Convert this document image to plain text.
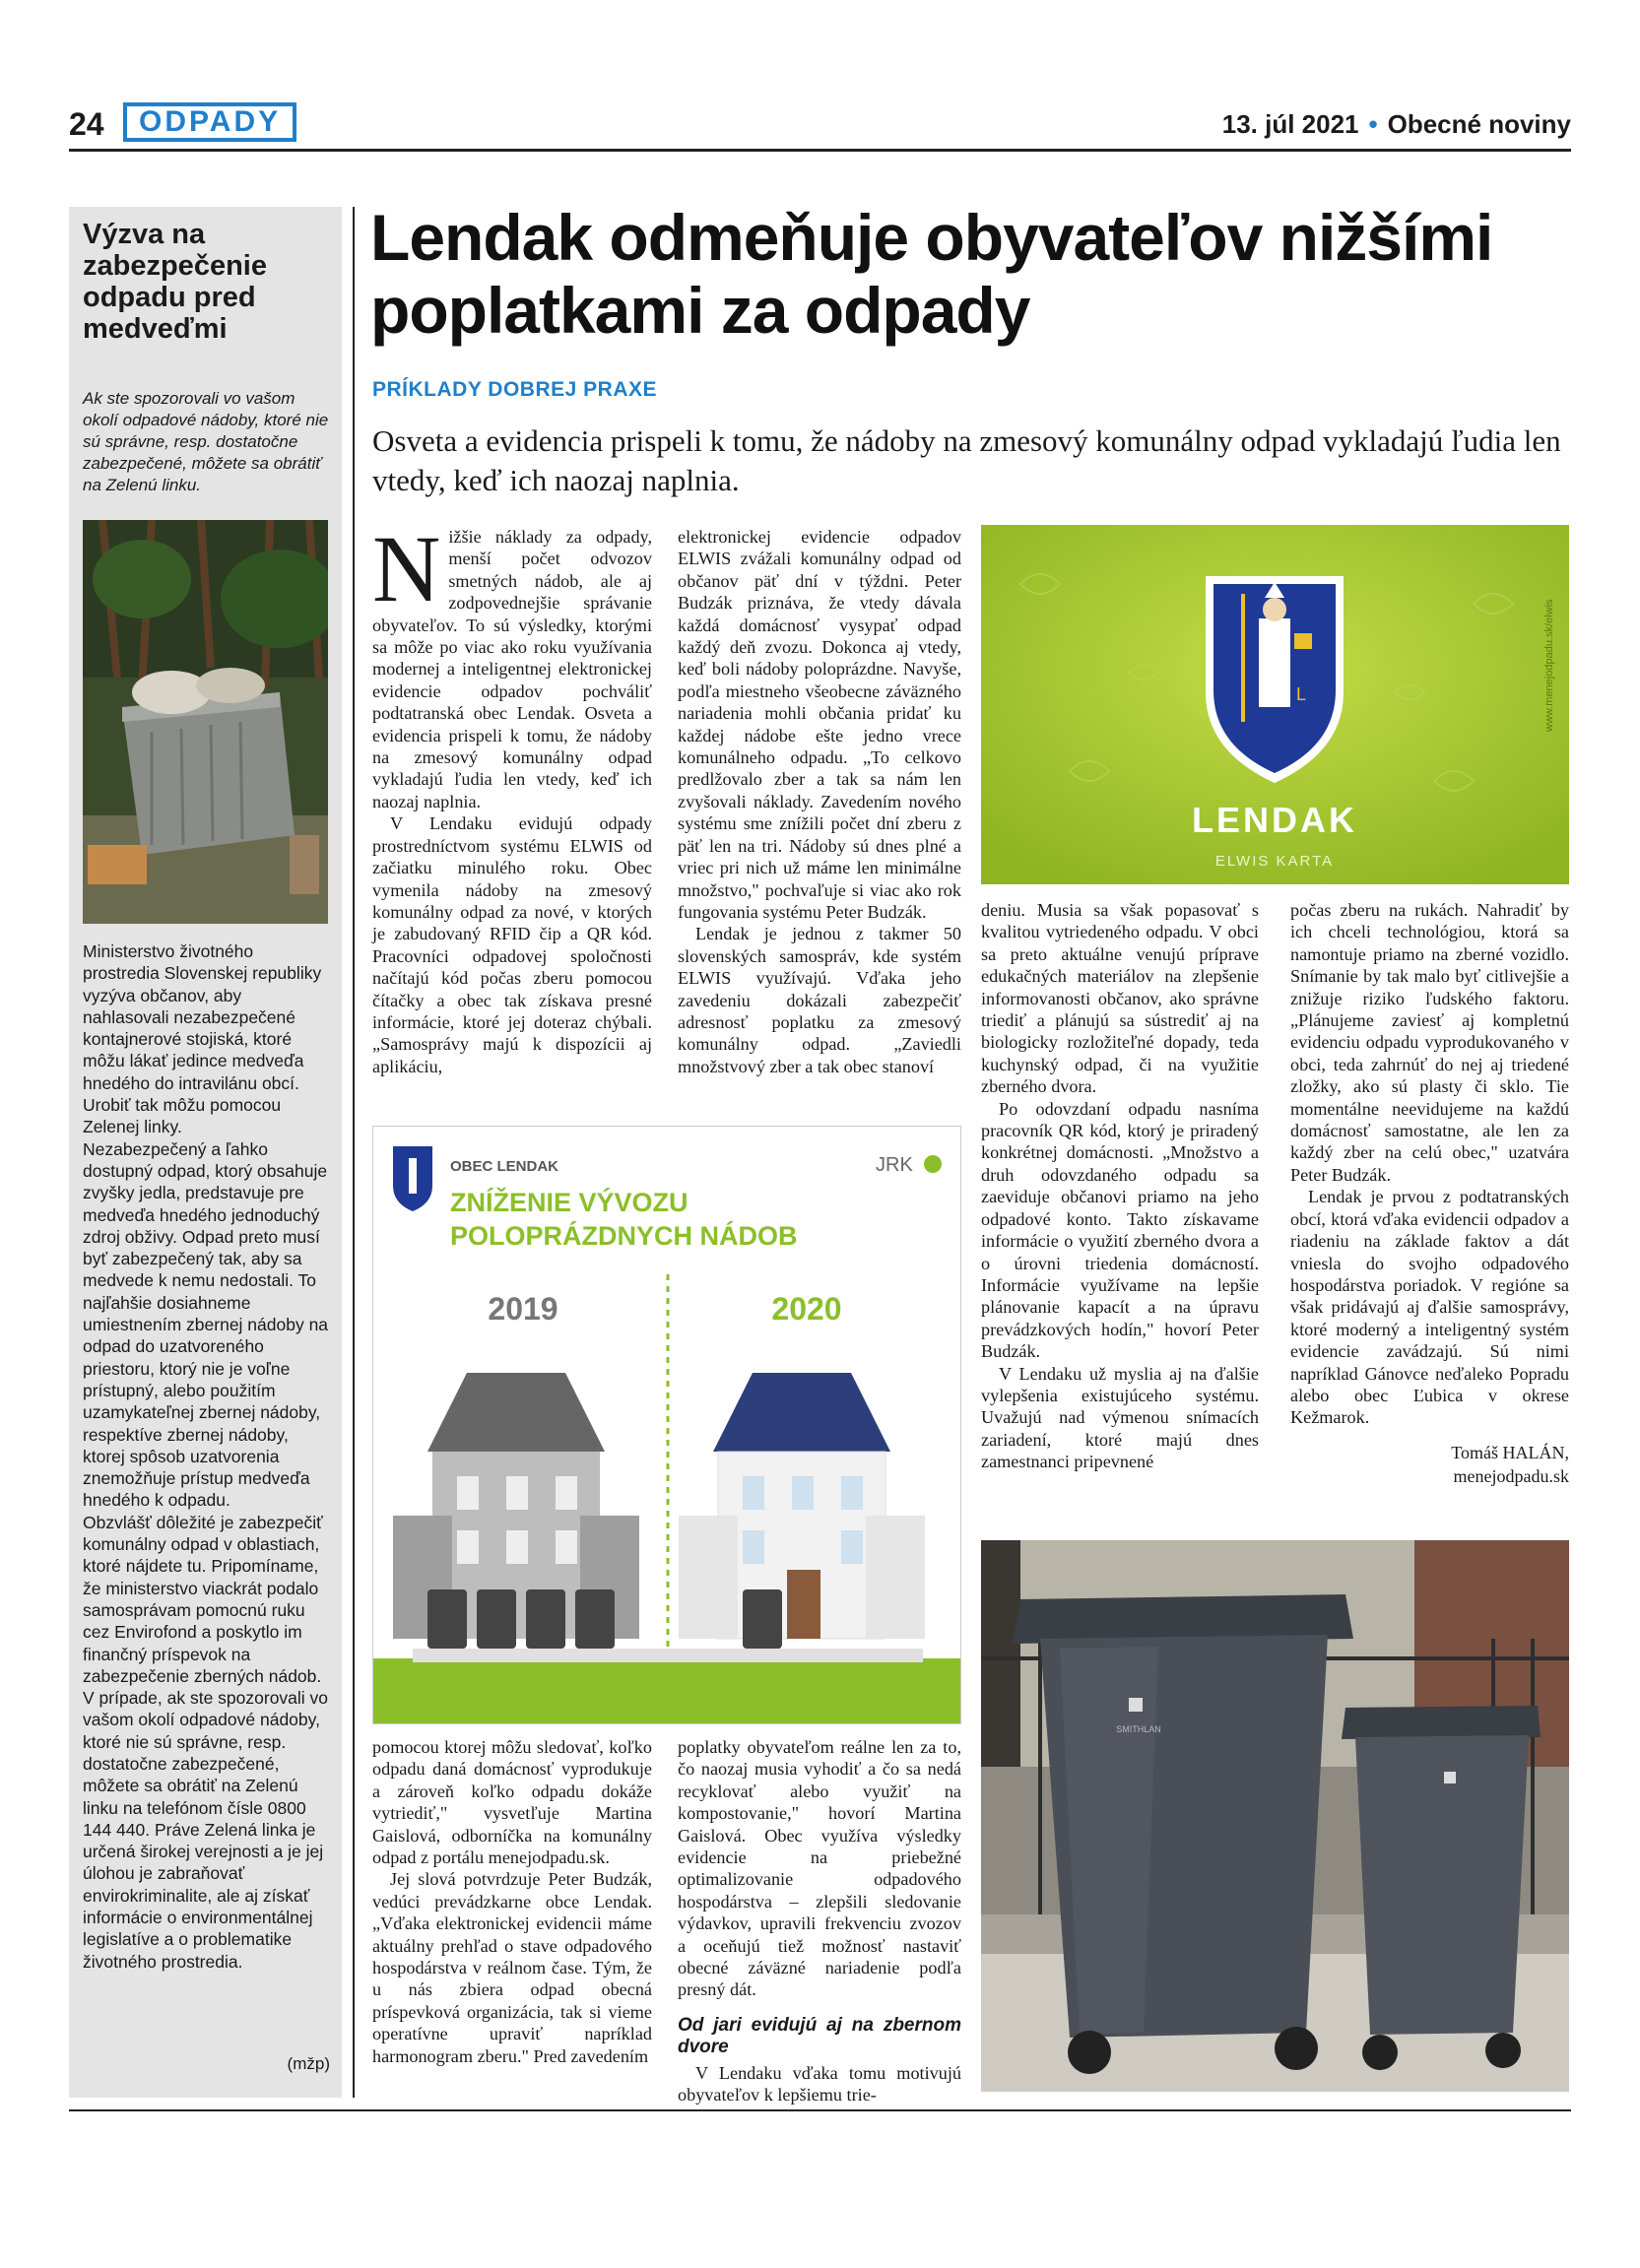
24	ODPADY	13. júl 2021 • Obecné noviny
Výzva na zabezpečenie odpadu pred medveďmi
Ak ste spozorovali vo vašom okolí odpadové nádoby, ktoré nie sú správne, resp. dostatočne zabezpečené, môžete sa obrátiť na Zelenú linku.

Ministerstvo životného prostredia Slovenskej republiky vyzýva občanov, aby nahlasovali nezabezpečené kontajnerové stojiská, ktoré môžu lákať jedince medveďa hnedého do intravilánu obcí. Urobiť tak môžu pomocou Zelenej linky.

Nezabezpečený a ľahko dostupný odpad, ktorý obsahuje zvyšky jedla, predstavuje pre medveďa hnedého jednoduchý zdroj obživy. Odpad preto musí byť zabezpečený tak, aby sa medvede k nemu nedostali. To najľahšie dosiahneme umiestnením zbernej nádoby na odpad do uzatvoreného priestoru, ktorý nie je voľne prístupný, alebo použitím uzamykateľnej zbernej nádoby, respektíve zbernej nádoby, ktorej spôsob uzatvorenia znemožňuje prístup medveďa hnedého k odpadu.

Obzvlášť dôležité je zabezpečiť komunálny odpad v oblastiach, ktoré nájdete tu. Pripomíname, že ministerstvo viackrát podalo samosprávam pomocnú ruku cez Envirofond a poskytlo im finančný príspevok na zabezpečenie zberných nádob. V prípade, ak ste spozorovali vo vašom okolí odpadové nádoby, ktoré nie sú správne, resp. dostatočne zabezpečené, môžete sa obrátiť na Zelenú linku na telefónom čísle 0800 144 440. Práve Zelená linka je určená širokej verejnosti a je jej úlohou je zabraňovať envirokriminalite, ale aj získať informácie o environmentálnej legislatíve a o problematike životného prostredia.

(mžp)
Lendak odmeňuje obyvateľov nižšími poplatkami za odpady
PRÍKLADY DOBREJ PRAXE
Osveta a evidencia prispeli k tomu, že nádoby na zmesový komunálny odpad vykladajú ľudia len vtedy, keď ich naozaj naplnia.

Nižšie náklady za odpady, menší počet odvozov smetných nádob, ale aj zodpovednejšie správanie obyvateľov. To sú výsledky, ktorými sa môže po viac ako roku využívania modernej a inteligentnej elektronickej evidencie odpadov pochváliť podtatranská obec Lendak. Osveta a evidencia prispeli k tomu, že nádoby na zmesový komunálny odpad vykladajú ľudia len vtedy, keď ich naozaj naplnia.

V Lendaku evidujú odpady prostredníctvom systému ELWIS od začiatku minulého roku. Obec vymenila nádoby na zmesový komunálny odpad za nové, v ktorých je zabudovaný RFID čip a QR kód. Pracovníci odpadovej spoločnosti načítajú kód počas zberu pomocou čítačky a obec tak získava presné informácie, ktoré jej doteraz chýbali. „Samosprávy majú k dispozícii aj aplikáciu,

elektronickej evidencie odpadov ELWIS zvážali komunálny odpad od občanov päť dní v týždni. Peter Budzák priznáva, že vtedy dávala každá domácnosť vysypať odpad každý deň zvozu. Dokonca aj vtedy, keď boli nádoby poloprázdne. Navyše, podľa miestneho všeobecne záväzného nariadenia mohli občania pridať ku každej nádobe ešte jedno vrece komunálneho odpadu. „To celkovo predlžovalo zber a tak sa nám len zvyšovali náklady. Zavedením nového systému sme znížili počet dní zberu z päť len na tri. Nádoby sú dnes plné a vriec pri nich už máme len minimálne množstvo," pochvaľuje si viac ako rok fungovania systému Peter Budzák.

Lendak je jednou z takmer 50 slovenských samospráv, kde systém ELWIS využívajú. Vďaka jeho zavedeniu dokázali zabezpečiť adresnosť poplatku za zmesový komunálny odpad. „Zaviedli množstvový zber a tak obec stanoví

L
LENDAK
ELWIS KARTA
www.menejodpadu.sk/elwis
OBEC LENDAK	JRK
ZNÍŽENIE VÝVOZU
POLOPRÁZDNYCH NÁDOB
2019	2020

pomocou ktorej môžu sledovať, koľko odpadu daná domácnosť vyprodukuje a zároveň koľko odpadu dokáže vytriediť," vysvetľuje Martina Gaislová, odborníčka na komunálny odpad z portálu menejodpadu.sk.

Jej slová potvrdzuje Peter Budzák, vedúci prevádzkarne obce Lendak. „Vďaka elektronickej evidencii máme aktuálny prehľad o stave odpadového hospodárstva v reálnom čase. Tým, že u nás zbiera odpad obecná príspevková organizácia, tak si vieme operatívne upraviť napríklad harmonogram zberu." Pred zavedením

poplatky obyvateľom reálne len za to, čo naozaj musia vyhodiť a čo sa nedá recyklovať alebo využiť na kompostovanie," hovorí Martina Gaislová. Obec využíva výsledky evidencie na priebežné optimalizovanie odpadového hospodárstva – zlepšili sledovanie výdavkov, upravili frekvenciu zvozov a oceňujú tiež možnosť nastaviť obecné záväzné nariadenie podľa presný dát.

Od jari evidujú aj na zbernom dvore

V Lendaku vďaka tomu motivujú obyvateľov k lepšiemu trie-

deniu. Musia sa však popasovať s kvalitou vytriedeného odpadu. V obci sa preto aktuálne venujú príprave edukačných materiálov na zlepšenie informovanosti občanov, ako správne triediť a plánujú sa sústrediť aj na biologicky rozložiteľné dopady, teda kuchynský odpad, či na využitie zberného dvora.

Po odovzdaní odpadu nasníma pracovník QR kód, ktorý je priradený konkrétnej domácnosti. „Množstvo a druh odovzdaného odpadu sa zaeviduje občanovi priamo na jeho odpadové konto. Takto získavame informácie o využití zberného dvora a o úrovni triedenia domácností. Informácie využívame na lepšie plánovanie kapacít a na úpravu prevádzkových hodín," hovorí Peter Budzák.

V Lendaku už myslia aj na ďalšie vylepšenia existujúceho systému. Uvažujú nad výmenou snímacích zariadení, ktoré majú dnes zamestnanci pripevnené

počas zberu na rukách. Nahradiť by ich chceli technológiou, ktorá sa namontuje priamo na zberné vozidlo. Snímanie by tak malo byť citlivejšie a znižuje riziko ľudského faktoru. „Plánujeme zaviesť aj kompletnú evidenciu odpadu vyprodukovaného v obci, teda zahrnúť do nej aj triedené zložky, ako sú plasty či sklo. Tie momentálne neevidujeme na každú domácnosť samostatne, ale len za každý zber na celú obec," uzatvára Peter Budzák.

Lendak je prvou z podtatranských obcí, ktorá vďaka evidencii odpadov a riadeniu na základe faktov a dát vniesla do svojho odpadového hospodárstva poriadok. V regióne sa však pridávajú aj ďalšie samosprávy, ktoré moderný a inteligentný systém evidencie zavádzajú. Sú nimi napríklad Gánovce neďaleko Popradu alebo obec Ľubica v okrese Kežmarok.

Tomáš HALÁN,
menejodpadu.sk
SMITHLAN
